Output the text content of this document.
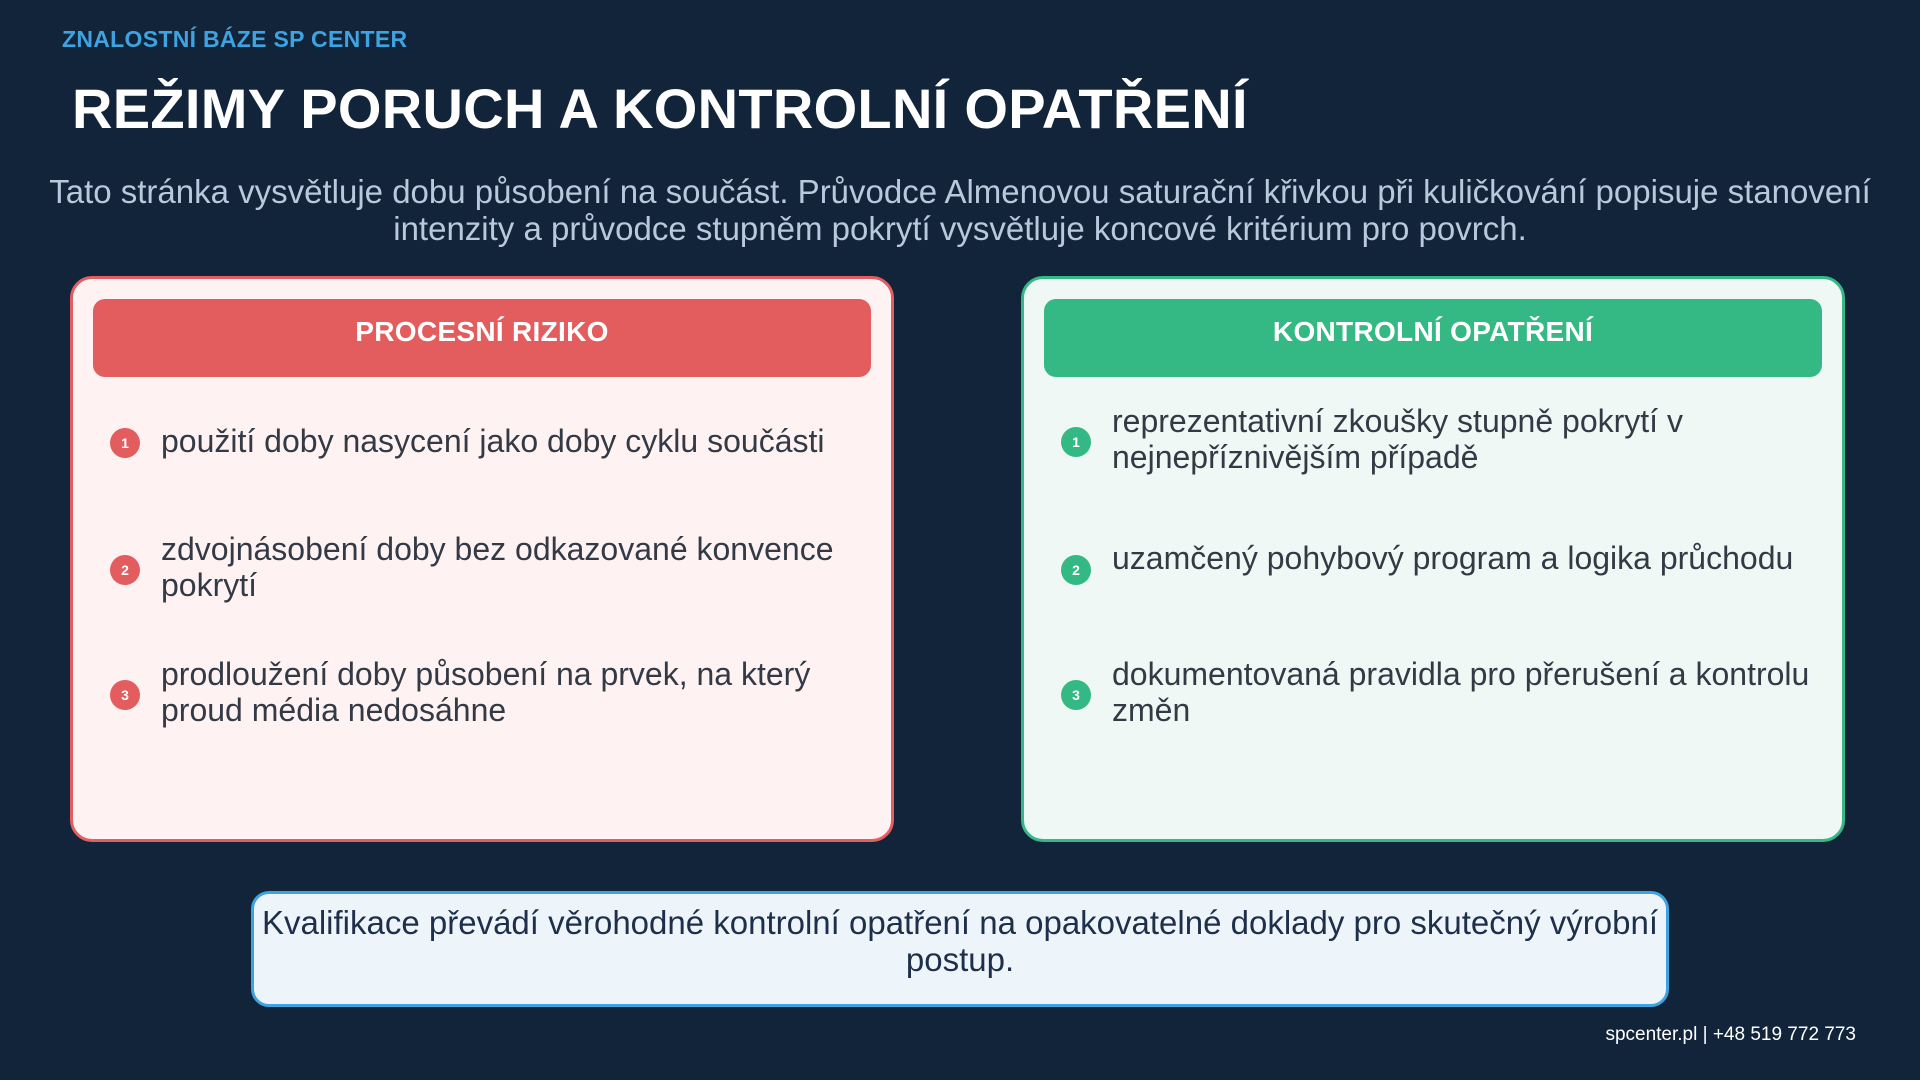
ZNALOSTNÍ BÁZE SP CENTER
REŽIMY PORUCH A KONTROLNÍ OPATŘENÍ
Tato stránka vysvětluje dobu působení na součást. Průvodce Almenovou saturační křivkou při kuličkování popisuje stanovení intenzity a průvodce stupněm pokrytí vysvětluje koncové kritérium pro povrch.
PROCESNÍ RIZIKO
1	použití doby nasycení jako doby cyklu součásti
2
zdvojnásobení doby bez odkazované konvence pokrytí
3
prodloužení doby působení na prvek, na který proud média nedosáhne
KONTROLNÍ OPATŘENÍ
1
reprezentativní zkoušky stupně pokrytí v nejnepříznivějším případě
2	uzamčený pohybový program a logika průchodu
3
dokumentovaná pravidla pro přerušení a kontrolu změn
Kvalifikace převádí věrohodné kontrolní opatření na opakovatelné doklady pro skutečný výrobní postup.
spcenter.pl | +48 519 772 773
